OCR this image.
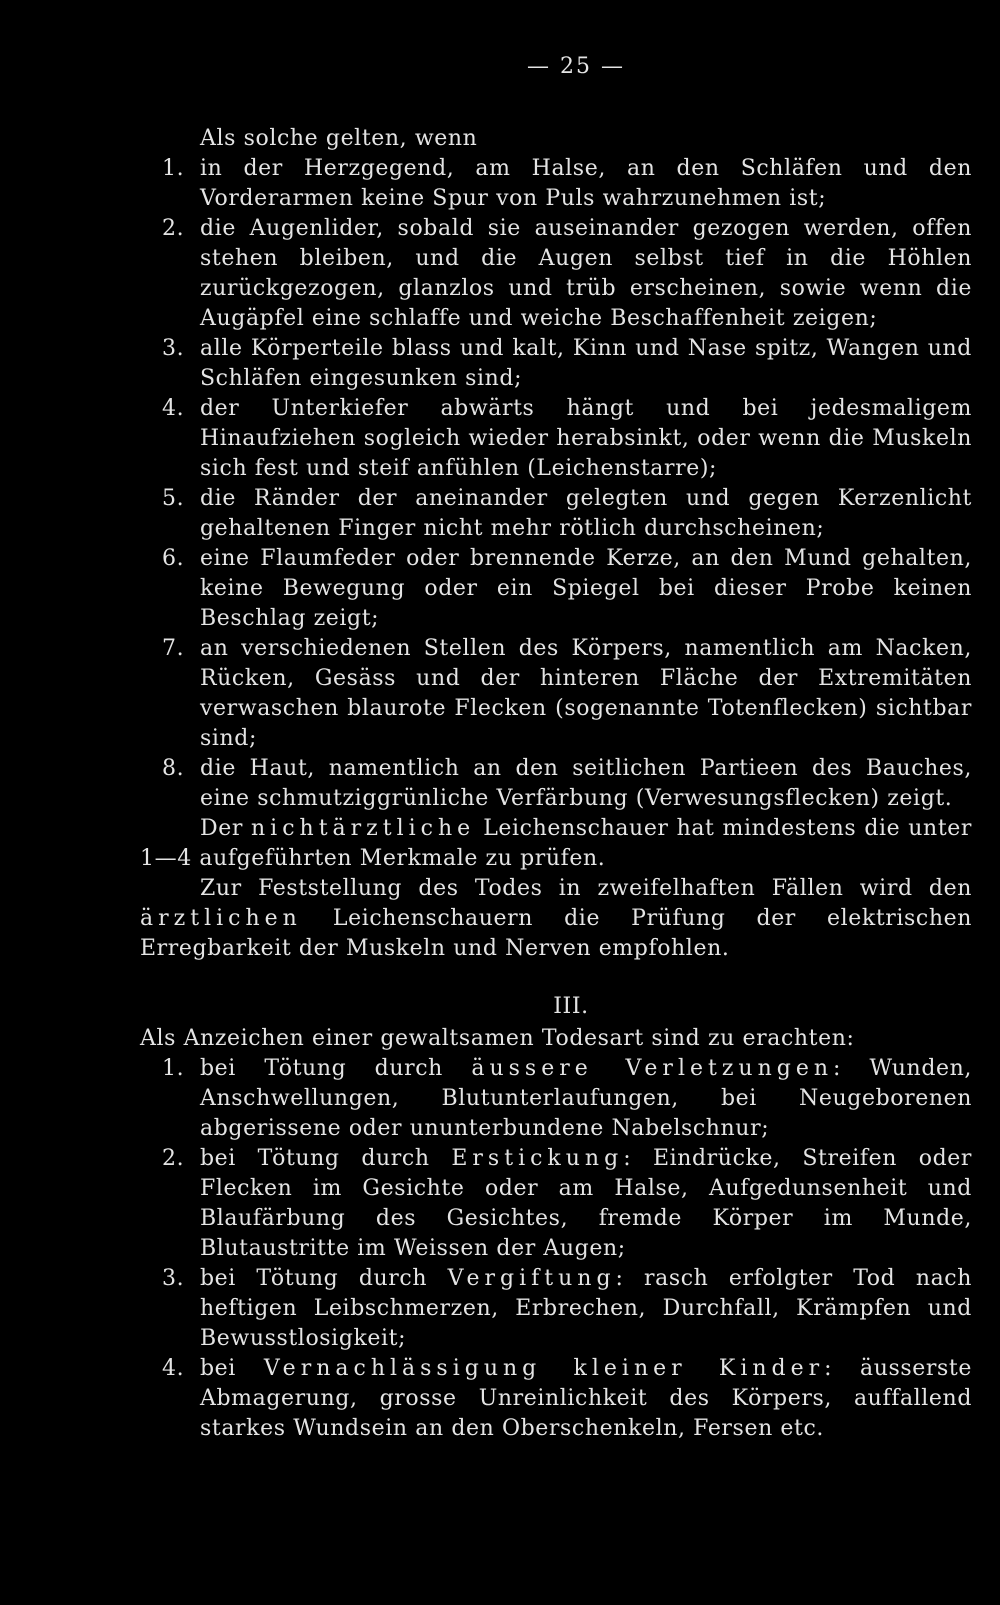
— 25 —
Als solche gelten, wenn
1. in der Herzgegend, am Halse, an den Schläfen und den Vorderarmen keine Spur von Puls wahrzunehmen ist;
2. die Augenlider, sobald sie auseinander gezogen werden, offen stehen bleiben, und die Augen selbst tief in die Höhlen zurückgezogen, glanzlos und trüb erscheinen, sowie wenn die Augäpfel eine schlaffe und weiche Beschaffenheit zeigen;
3. alle Körperteile blass und kalt, Kinn und Nase spitz, Wangen und Schläfen eingesunken sind;
4. der Unterkiefer abwärts hängt und bei jedesmaligem Hinaufziehen sogleich wieder herabsinkt, oder wenn die Muskeln sich fest und steif anfühlen (Leichenstarre);
5. die Ränder der aneinander gelegten und gegen Kerzenlicht gehaltenen Finger nicht mehr rötlich durchscheinen;
6. eine Flaumfeder oder brennende Kerze, an den Mund gehalten, keine Bewegung oder ein Spiegel bei dieser Probe keinen Beschlag zeigt;
7. an verschiedenen Stellen des Körpers, namentlich am Nacken, Rücken, Gesäss und der hinteren Fläche der Extremitäten verwaschen blaurote Flecken (sogenannte Totenflecken) sichtbar sind;
8. die Haut, namentlich an den seitlichen Partieen des Bauches, eine schmutziggrünliche Verfärbung (Verwesungsflecken) zeigt.
Der nichtärztliche Leichenschauer hat mindestens die unter 1—4 aufgeführten Merkmale zu prüfen.
Zur Feststellung des Todes in zweifelhaften Fällen wird den ärztlichen Leichenschauern die Prüfung der elektrischen Erregbarkeit der Muskeln und Nerven empfohlen.
III.
Als Anzeichen einer gewaltsamen Todesart sind zu erachten:
1. bei Tötung durch äussere Verletzungen: Wunden, Anschwellungen, Blutunterlaufungen, bei Neugeborenen abgerissene oder ununterbundene Nabelschnur;
2. bei Tötung durch Erstickung: Eindrücke, Streifen oder Flecken im Gesichte oder am Halse, Aufgedunsenheit und Blaufärbung des Gesichtes, fremde Körper im Munde, Blutaustritte im Weissen der Augen;
3. bei Tötung durch Vergiftung: rasch erfolgter Tod nach heftigen Leibschmerzen, Erbrechen, Durchfall, Krämpfen und Bewusstlosigkeit;
4. bei Vernachlässigung kleiner Kinder: äusserste Abmagerung, grosse Unreinlichkeit des Körpers, auffallend starkes Wundsein an den Oberschenkeln, Fersen etc.
